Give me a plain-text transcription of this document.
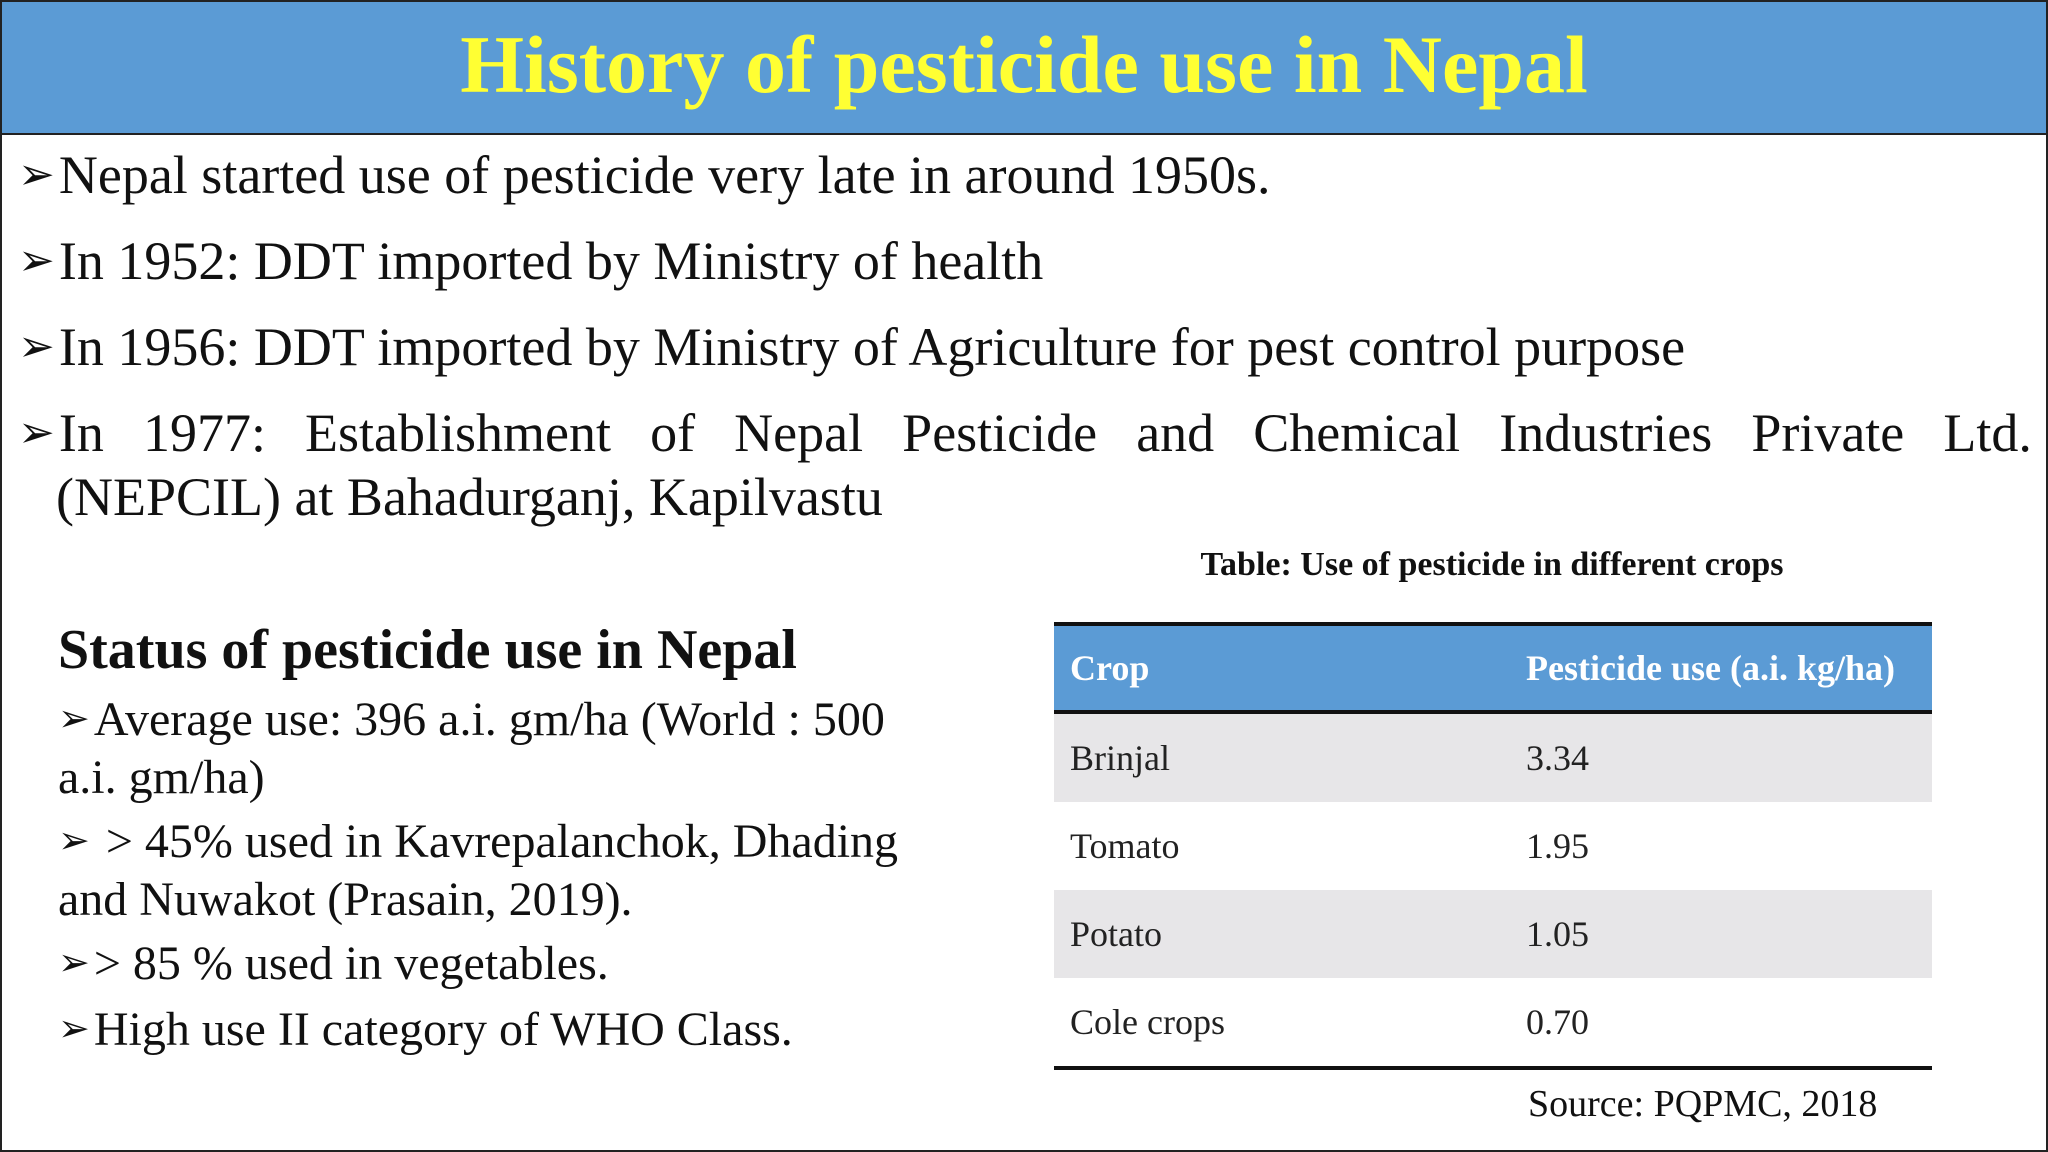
History of pesticide use in Nepal
➢Nepal started use of pesticide very late in around 1950s.
➢In 1952: DDT imported by Ministry of health
➢In 1956: DDT imported by Ministry of Agriculture for pest control purpose
➢In 1977: Establishment of Nepal Pesticide and Chemical Industries Private Ltd.
(NEPCIL) at Bahadurganj, Kapilvastu
Status of pesticide use in Nepal
➢Average use: 396 a.i. gm/ha (World : 500
a.i. gm/ha)
➢ > 45% used in Kavrepalanchok, Dhading
and Nuwakot (Prasain, 2019).
➢> 85 % used in vegetables.
➢High use II category of WHO Class.
Table: Use of pesticide in different crops
Crop	Pesticide use (a.i. kg/ha)
Brinjal	3.34
Tomato	1.95
Potato	1.05
Cole crops	0.70
Source: PQPMC, 2018
